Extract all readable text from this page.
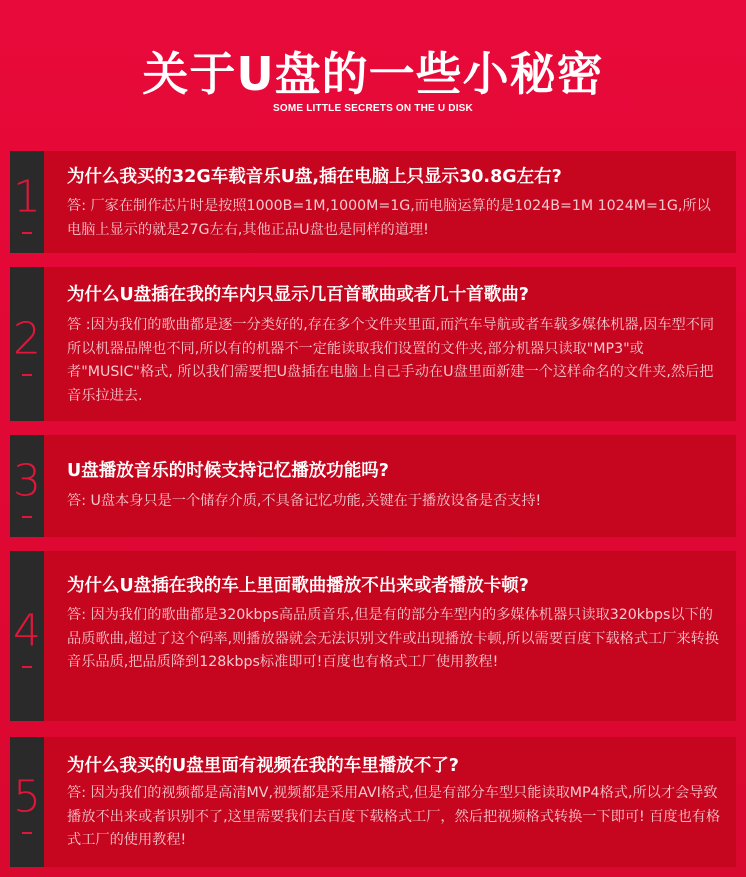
关于U盘的一些小秘密
SOME LITTLE SECRETS ON THE U DISK
1 为什么我买的32G车载音乐U盘,插在电脑上只显示30.8G左右?
答: 厂家在制作芯片时是按照1000B=1M,1000M=1G,而电脑运算的是1024B=1M 1024M=1G,所以电脑上显示的就是27G左右,其他正品U盘也是同样的道理!
2
为什么U盘插在我的车内只显示几百首歌曲或者几十首歌曲?
答 :因为我们的歌曲都是逐一分类好的,存在多个文件夹里面,而汽车导航或者车载多媒体机器,因车型不同所以机器品牌也不同,所以有的机器不一定能读取我们设置的文件夹,部分机器只读取"MP3"或者"MUSIC"格式, 所以我们需要把U盘插在电脑上自己手动在U盘里面新建一个这样命名的文件夹,然后把音乐拉进去.
3 U盘播放音乐的时候支持记忆播放功能吗?
答: U盘本身只是一个储存介质,不具备记忆功能,关键在于播放设备是否支持!
4
为什么U盘插在我的车上里面歌曲播放不出来或者播放卡顿?
答: 因为我们的歌曲都是320kbps高品质音乐,但是有的部分车型内的多媒体机器只读取320kbps以下的品质歌曲,超过了这个码率,则播放器就会无法识别文件或出现播放卡顿,所以需要百度下载格式工厂来转换音乐品质,把品质降到128kbps标准即可!百度也有格式工厂使用教程!
5
为什么我买的U盘里面有视频在我的车里播放不了?
答: 因为我们的视频都是高清MV,视频都是采用AVI格式,但是有部分车型只能读取MP4格式,所以才会导致播放不出来或者识别不了,这里需要我们去百度下载格式工厂，然后把视频格式转换一下即可! 百度也有格式工厂的使用教程!
